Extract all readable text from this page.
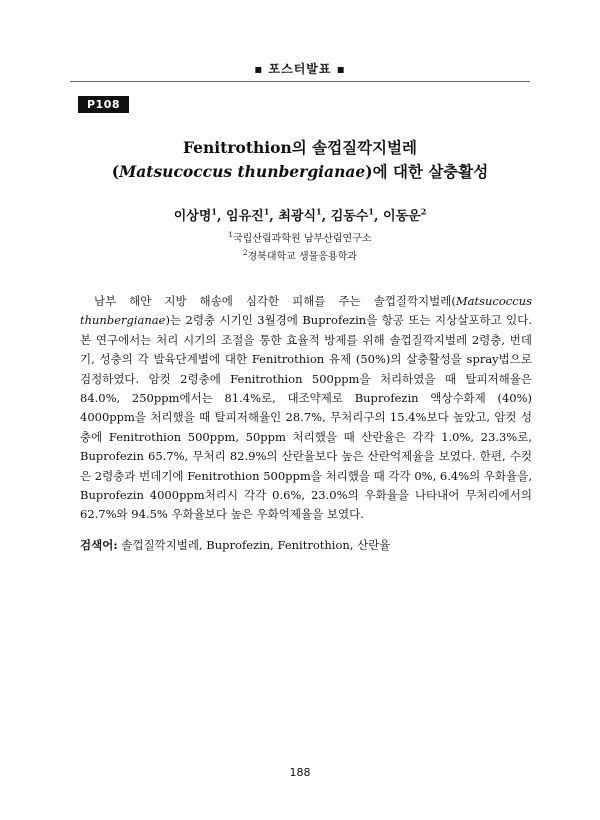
▪ 포스터발표 ▪
P108
Fenitrothion의 솔껍질깍지벌레
(Matsucoccus thunbergianae)에 대한 살충활성
이상명$^1$, 임유진$^1$, 최광식$^1$, 김동수$^1$, 이동운$^2$
$^1$국립산림과학원 남부산림연구소
$^2$경북대학교 생물응용학과

남부 해안 지방 해송에 심각한 피해를 주는 솔껍질깍지벌레(Matsucoccus thunbergianae)는 2령충 시기인 3월경에 Buprofezin을 항공 또는 지상살포하고 있다. 본 연구에서는 처리 시기의 조절을 통한 효율적 방제를 위해 솔껍질깍지벌레 2령충, 번데기, 성충의 각 발육단계별에 대한 Fenitrothion 유제 (50%)의 살충활성을 spray법으로 검정하였다. 암컷 2령충에 Fenitrothion 500ppm을 처리하였을 때 탈피저해율은 84.0%, 250ppm에서는 81.4%로, 대조약제로 Buprofezin 액상수화제 (40%) 4000ppm을 처리했을 때 탈피저해율인 28.7%, 무처리구의 15.4%보다 높았고, 암컷 성충에 Fenitrothion 500ppm, 50ppm 처리했을 때 산란율은 각각 1.0%, 23.3%로, Buprofezin 65.7%, 무처리 82.9%의 산란율보다 높은 산란억제율을 보였다. 한편, 수컷은 2령충과 번데기에 Fenitrothion 500ppm을 처리했을 때 각각 0%, 6.4%의 우화율을, Buprofezin 4000ppm처리시 각각 0.6%, 23.0%의 우화율을 나타내어 무처리에서의 62.7%와 94.5% 우화율보다 높은 우화억제율을 보였다.

검색어: 솔껍질깍지벌레, Buprofezin, Fenitrothion, 산란율
188
